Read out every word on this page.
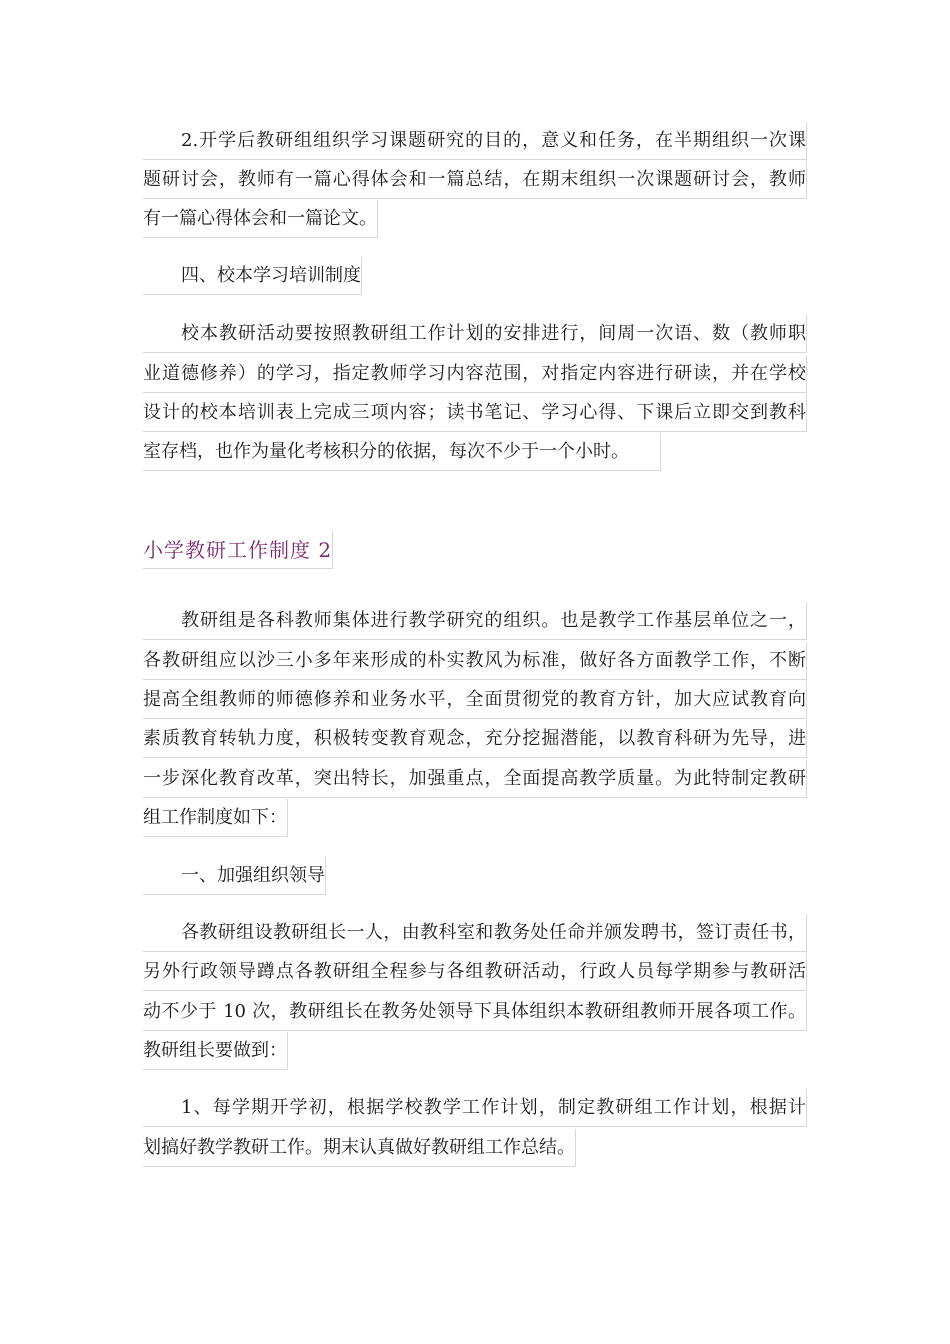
2.开学后教研组组织学习课题研究的目的，意义和任务，在半期组织一次课
题研讨会，教师有一篇心得体会和一篇总结，在期末组织一次课题研讨会，教师
有一篇心得体会和一篇论文。
四、校本学习培训制度
校本教研活动要按照教研组工作计划的安排进行，间周一次语、数（教师职
业道德修养）的学习，指定教师学习内容范围，对指定内容进行研读，并在学校
设计的校本培训表上完成三项内容；读书笔记、学习心得、下课后立即交到教科
室存档，也作为量化考核积分的依据，每次不少于一个小时。
小学教研工作制度 2
教研组是各科教师集体进行教学研究的组织。也是教学工作基层单位之一，
各教研组应以沙三小多年来形成的朴实教风为标准，做好各方面教学工作，不断
提高全组教师的师德修养和业务水平，全面贯彻党的教育方针，加大应试教育向
素质教育转轨力度，积极转变教育观念，充分挖掘潜能，以教育科研为先导，进
一步深化教育改革，突出特长，加强重点，全面提高教学质量。为此特制定教研
组工作制度如下：
一、加强组织领导
各教研组设教研组长一人，由教科室和教务处任命并颁发聘书，签订责任书，
另外行政领导蹲点各教研组全程参与各组教研活动，行政人员每学期参与教研活
动不少于 10 次，教研组长在教务处领导下具体组织本教研组教师开展各项工作。
教研组长要做到：
1、每学期开学初，根据学校教学工作计划，制定教研组工作计划，根据计
划搞好教学教研工作。期末认真做好教研组工作总结。
